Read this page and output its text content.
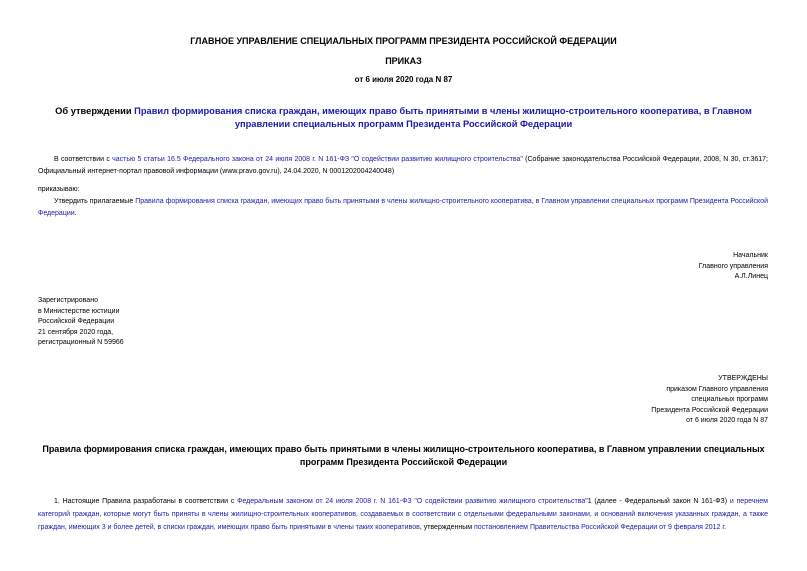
ГЛАВНОЕ УПРАВЛЕНИЕ СПЕЦИАЛЬНЫХ ПРОГРАММ ПРЕЗИДЕНТА РОССИЙСКОЙ ФЕДЕРАЦИИ
ПРИКАЗ
от 6 июля 2020 года N 87
Об утверждении Правил формирования списка граждан, имеющих право быть принятыми в члены жилищно-строительного кооператива, в Главном управлении специальных программ Президента Российской Федерации
В соответствии с частью 5 статьи 16.5 Федерального закона от 24 июля 2008 г. N 161-ФЗ "О содействии развитию жилищного строительства" (Собрание законодательства Российской Федерации, 2008, N 30, ст.3617; Официальный интернет-портал правовой информации (www.pravo.gov.ru), 24.04.2020, N 0001202004240048)
приказываю:
Утвердить прилагаемые Правила формирования списка граждан, имеющих право быть принятыми в члены жилищно-строительного кооператива, в Главном управлении специальных программ Президента Российской Федерации.
Начальник
Главного управления
А.Л.Линец
Зарегистрировано
в Министерстве юстиции
Российской Федерации
21 сентября 2020 года,
регистрационный N 59966
УТВЕРЖДЕНЫ
приказом Главного управления
специальных программ
Президента Российской Федерации
от 6 июля 2020 года N 87
Правила формирования списка граждан, имеющих право быть принятыми в члены жилищно-строительного кооператива, в Главном управлении специальных программ Президента Российской Федерации
1. Настоящие Правила разработаны в соответствии с Федеральным законом от 24 июля 2008 г. N 161-ФЗ "О содействии развитию жилищного строительства"1 (далее - Федеральный закон N 161-ФЗ) и перечнем категорий граждан, которые могут быть приняты в члены жилищно-строительных кооперативов, создаваемых в соответствии с отдельными федеральными законами, и оснований включения указанных граждан, а также граждан, имеющих 3 и более детей, в списки граждан, имеющих право быть принятыми в члены таких кооперативов, утвержденным постановлением Правительства Российской Федерации от 9 февраля 2012 г.
